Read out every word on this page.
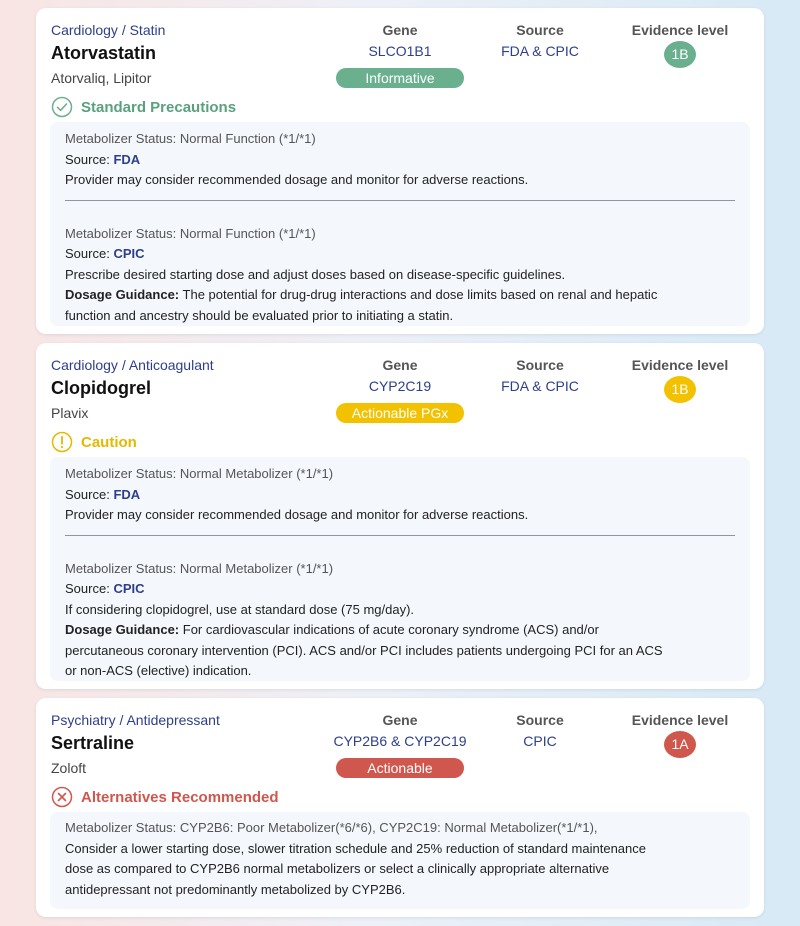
Cardiology / Statin
Atorvastatin
Atorvaliq, Lipitor
Gene
SLCO1B1
Source
FDA & CPIC
Evidence level
Informative
1B
Standard Precautions
Metabolizer Status: Normal Function (*1/*1)
Source: FDA
Provider may consider recommended dosage and monitor for adverse reactions.
Metabolizer Status: Normal Function (*1/*1)
Source: CPIC
Prescribe desired starting dose and adjust doses based on disease-specific guidelines.
Dosage Guidance: The potential for drug-drug interactions and dose limits based on renal and hepatic
function and ancestry should be evaluated prior to initiating a statin.
Cardiology / Anticoagulant
Clopidogrel
Plavix
Gene
CYP2C19
Source
FDA & CPIC
Evidence level
Actionable PGx
1B
Caution
Metabolizer Status: Normal Metabolizer (*1/*1)
Source: FDA
Provider may consider recommended dosage and monitor for adverse reactions.
Metabolizer Status: Normal Metabolizer (*1/*1)
Source: CPIC
If considering clopidogrel, use at standard dose (75 mg/day).
Dosage Guidance: For cardiovascular indications of acute coronary syndrome (ACS) and/or
percutaneous coronary intervention (PCI). ACS and/or PCI includes patients undergoing PCI for an ACS
or non-ACS (elective) indication.
Psychiatry / Antidepressant
Sertraline
Zoloft
Gene
CYP2B6 & CYP2C19
Source
CPIC
Evidence level
Actionable
1A
Alternatives Recommended
Metabolizer Status: CYP2B6: Poor Metabolizer(*6/*6), CYP2C19: Normal Metabolizer(*1/*1),
Consider a lower starting dose, slower titration schedule and 25% reduction of standard maintenance
dose as compared to CYP2B6 normal metabolizers or select a clinically appropriate alternative
antidepressant not predominantly metabolized by CYP2B6.
